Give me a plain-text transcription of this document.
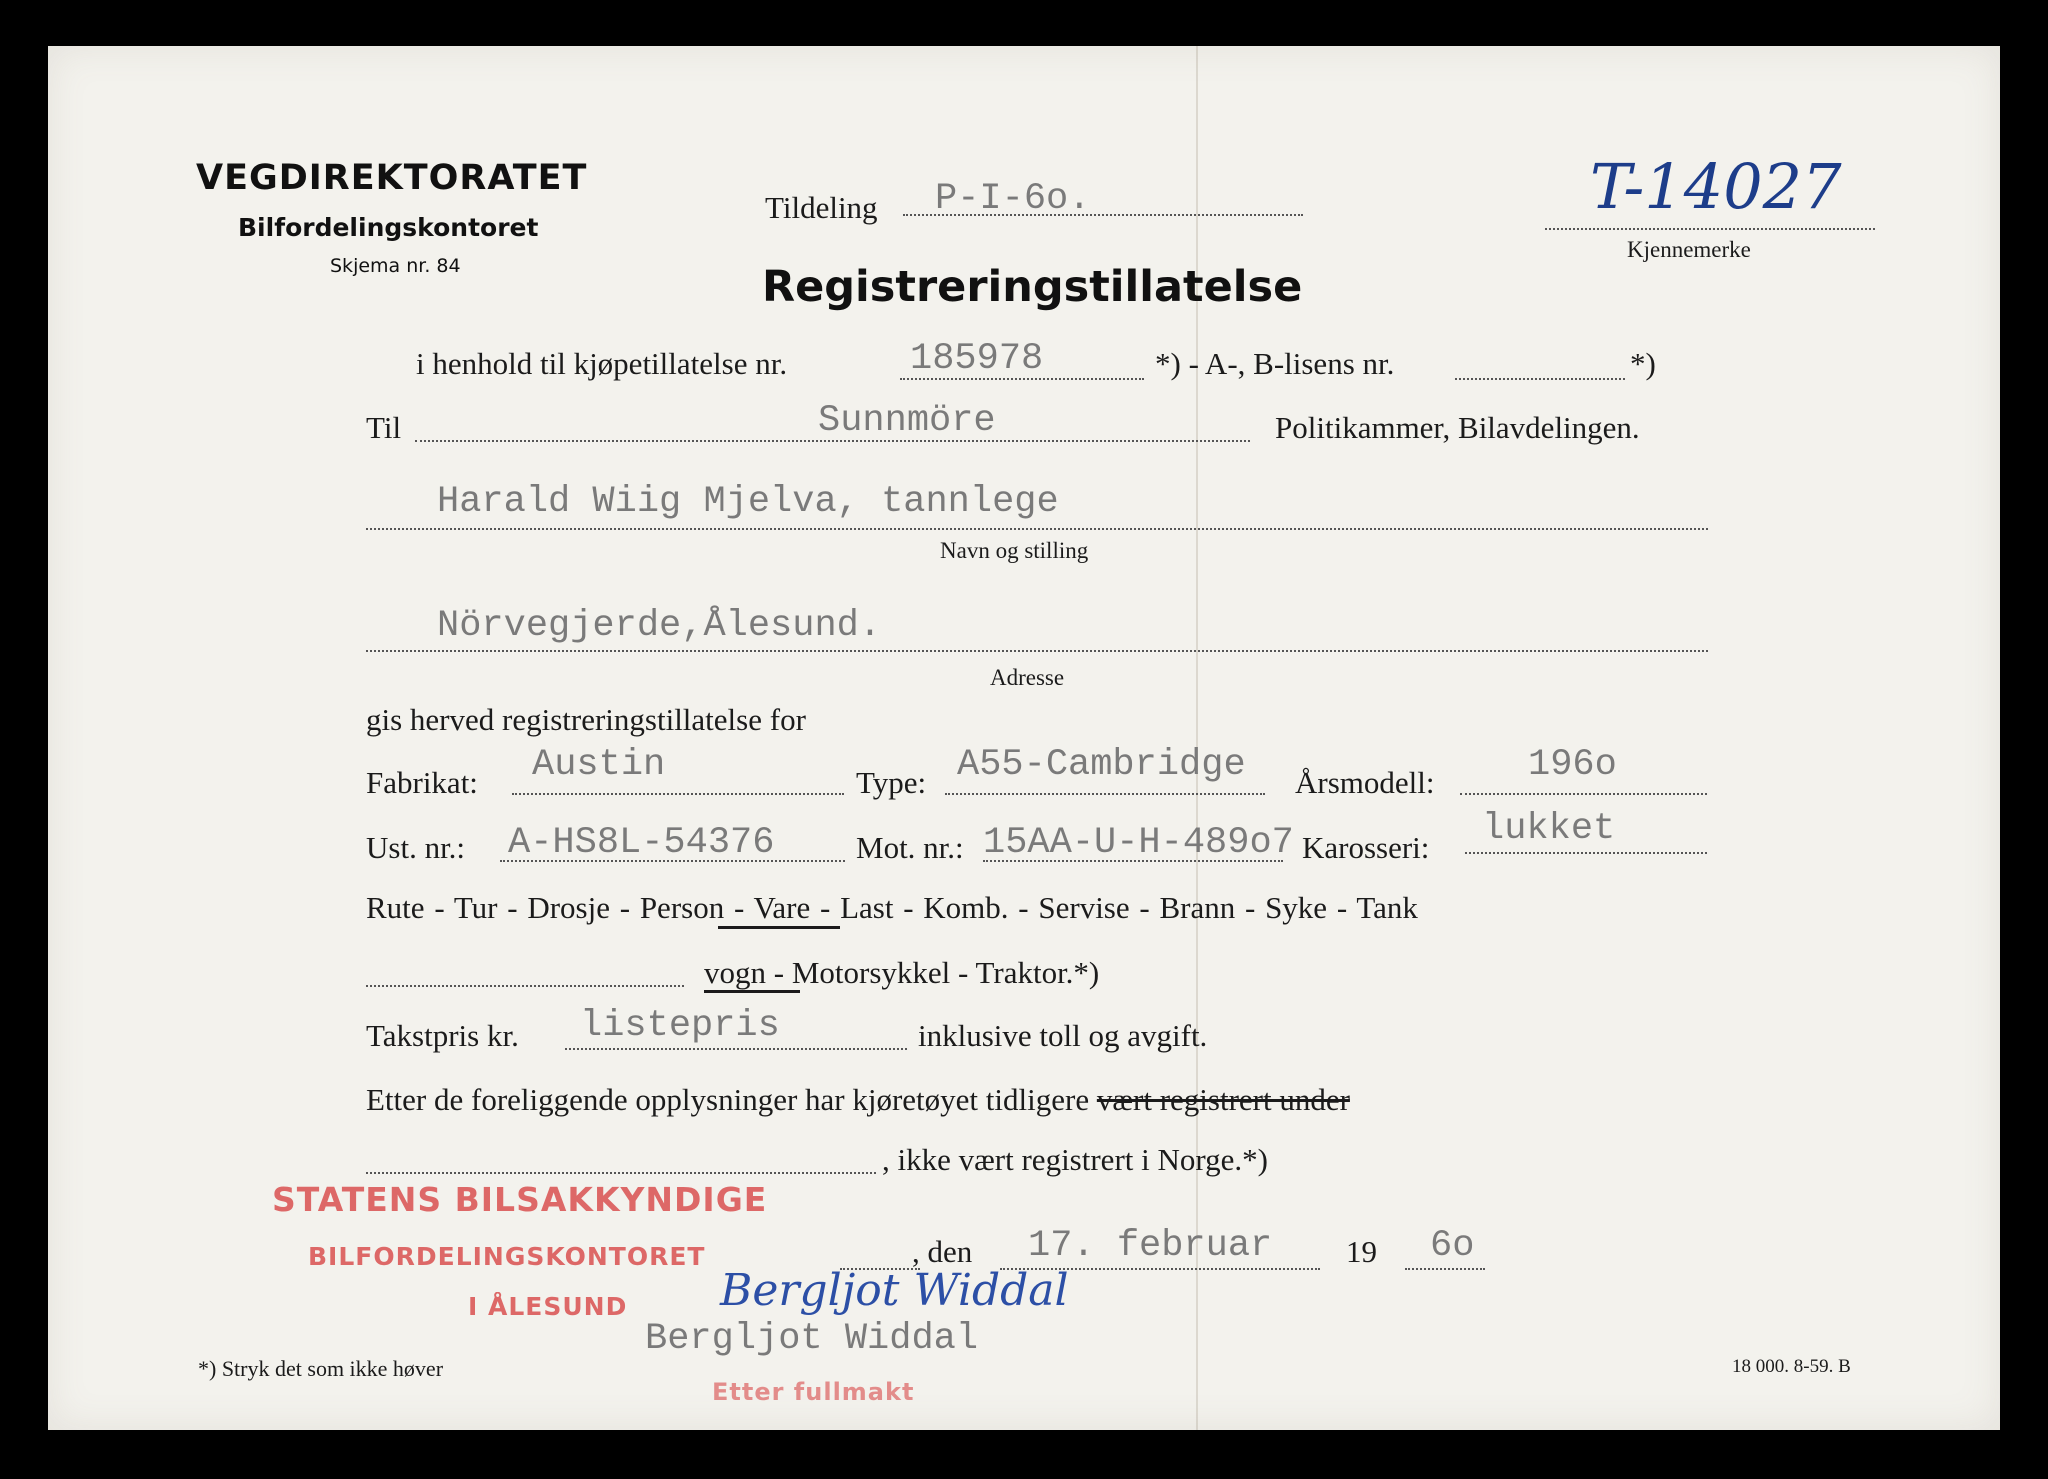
VEGDIREKTORATET
Bilfordelingskontoret
Skjema nr. 84
Tildeling P-I-6o.	T-14027
Kjennemerke
Registreringstillatelse
i henhold til kjøpetillatelse nr.	185978	*) - A-, B-lisens nr.	*)
Til	Sunnmöre	Politikammer, Bilavdelingen.
Harald Wiig Mjelva, tannlege
Navn og stilling
Nörvegjerde,Ålesund.
Adresse
gis herved registreringstillatelse for
Fabrikat: Austin	Type: A55-Cambridge Årsmodell:	196o
Ust. nr.: A-HS8L-54376	Mot. nr.: 15AA-U-H-489o7 Karosseri: lukket
Rute - Tur - Drosje - Person - Vare - Last - Komb. - Servise - Brann - Syke - Tank
vogn - Motorsykkel - Traktor.*)
Takstpris kr. listepris	inklusive toll og avgift.
Etter de foreliggende opplysninger har kjøretøyet tidligere vært registrert under
, ikke vært registrert i Norge.*)
STATENS BILSAKKYNDIGE
BILFORDELINGSKONTORET
I ÅLESUND
Etter fullmakt
, den 17. februar 19 6o
Bergljot Widdal
Bergljot Widdal
*) Stryk det som ikke høver	18 000. 8-59. B
